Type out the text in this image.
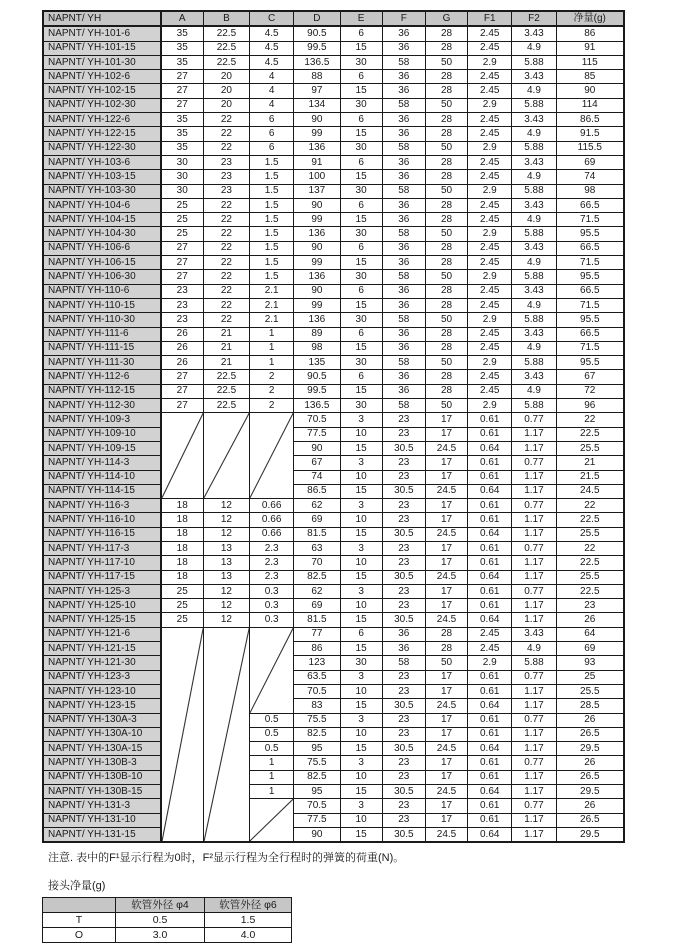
NAPNT/ YH	A	B	C	D	E	F	G	F1	F2	净量(g)
NAPNT/ YH-101-6	35	22.5	4.5	90.5	6	36	28	2.45	3.43	86
NAPNT/ YH-101-15	35	22.5	4.5	99.5	15	36	28	2.45	4.9	91
NAPNT/ YH-101-30	35	22.5	4.5	136.5	30	58	50	2.9	5.88	115
NAPNT/ YH-102-6	27	20	4	88	6	36	28	2.45	3.43	85
NAPNT/ YH-102-15	27	20	4	97	15	36	28	2.45	4.9	90
NAPNT/ YH-102-30	27	20	4	134	30	58	50	2.9	5.88	114
NAPNT/ YH-122-6	35	22	6	90	6	36	28	2.45	3.43	86.5
NAPNT/ YH-122-15	35	22	6	99	15	36	28	2.45	4.9	91.5
NAPNT/ YH-122-30	35	22	6	136	30	58	50	2.9	5.88	115.5
NAPNT/ YH-103-6	30	23	1.5	91	6	36	28	2.45	3.43	69
NAPNT/ YH-103-15	30	23	1.5	100	15	36	28	2.45	4.9	74
NAPNT/ YH-103-30	30	23	1.5	137	30	58	50	2.9	5.88	98
NAPNT/ YH-104-6	25	22	1.5	90	6	36	28	2.45	3.43	66.5
NAPNT/ YH-104-15	25	22	1.5	99	15	36	28	2.45	4.9	71.5
NAPNT/ YH-104-30	25	22	1.5	136	30	58	50	2.9	5.88	95.5
NAPNT/ YH-106-6	27	22	1.5	90	6	36	28	2.45	3.43	66.5
NAPNT/ YH-106-15	27	22	1.5	99	15	36	28	2.45	4.9	71.5
NAPNT/ YH-106-30	27	22	1.5	136	30	58	50	2.9	5.88	95.5
NAPNT/ YH-110-6	23	22	2.1	90	6	36	28	2.45	3.43	66.5
NAPNT/ YH-110-15	23	22	2.1	99	15	36	28	2.45	4.9	71.5
NAPNT/ YH-110-30	23	22	2.1	136	30	58	50	2.9	5.88	95.5
NAPNT/ YH-111-6	26	21	1	89	6	36	28	2.45	3.43	66.5
NAPNT/ YH-111-15	26	21	1	98	15	36	28	2.45	4.9	71.5
NAPNT/ YH-111-30	26	21	1	135	30	58	50	2.9	5.88	95.5
NAPNT/ YH-112-6	27	22.5	2	90.5	6	36	28	2.45	3.43	67
NAPNT/ YH-112-15	27	22.5	2	99.5	15	36	28	2.45	4.9	72
NAPNT/ YH-112-30	27	22.5	2	136.5	30	58	50	2.9	5.88	96
NAPNT/ YH-109-3				70.5	3	23	17	0.61	0.77	22
NAPNT/ YH-109-10				77.5	10	23	17	0.61	1.17	22.5
NAPNT/ YH-109-15				90	15	30.5	24.5	0.64	1.17	25.5
NAPNT/ YH-114-3				67	3	23	17	0.61	0.77	21
NAPNT/ YH-114-10				74	10	23	17	0.61	1.17	21.5
NAPNT/ YH-114-15				86.5	15	30.5	24.5	0.64	1.17	24.5
NAPNT/ YH-116-3	18	12	0.66	62	3	23	17	0.61	0.77	22
NAPNT/ YH-116-10	18	12	0.66	69	10	23	17	0.61	1.17	22.5
NAPNT/ YH-116-15	18	12	0.66	81.5	15	30.5	24.5	0.64	1.17	25.5
NAPNT/ YH-117-3	18	13	2.3	63	3	23	17	0.61	0.77	22
NAPNT/ YH-117-10	18	13	2.3	70	10	23	17	0.61	1.17	22.5
NAPNT/ YH-117-15	18	13	2.3	82.5	15	30.5	24.5	0.64	1.17	25.5
NAPNT/ YH-125-3	25	12	0.3	62	3	23	17	0.61	0.77	22.5
NAPNT/ YH-125-10	25	12	0.3	69	10	23	17	0.61	1.17	23
NAPNT/ YH-125-15	25	12	0.3	81.5	15	30.5	24.5	0.64	1.17	26
NAPNT/ YH-121-6				77	6	36	28	2.45	3.43	64
NAPNT/ YH-121-15				86	15	36	28	2.45	4.9	69
NAPNT/ YH-121-30				123	30	58	50	2.9	5.88	93
NAPNT/ YH-123-3				63.5	3	23	17	0.61	0.77	25
NAPNT/ YH-123-10				70.5	10	23	17	0.61	1.17	25.5
NAPNT/ YH-123-15				83	15	30.5	24.5	0.64	1.17	28.5
NAPNT/ YH-130A-3			0.5	75.5	3	23	17	0.61	0.77	26
NAPNT/ YH-130A-10			0.5	82.5	10	23	17	0.61	1.17	26.5
NAPNT/ YH-130A-15			0.5	95	15	30.5	24.5	0.64	1.17	29.5
NAPNT/ YH-130B-3			1	75.5	3	23	17	0.61	0.77	26
NAPNT/ YH-130B-10			1	82.5	10	23	17	0.61	1.17	26.5
NAPNT/ YH-130B-15			1	95	15	30.5	24.5	0.64	1.17	29.5
NAPNT/ YH-131-3				70.5	3	23	17	0.61	0.77	26
NAPNT/ YH-131-10				77.5	10	23	17	0.61	1.17	26.5
NAPNT/ YH-131-15				90	15	30.5	24.5	0.64	1.17	29.5

注意. 表中的F¹显示行程为0时，F²显示行程为全行程时的弹簧的荷重(N)。

接头净量(g)

	软管外径 φ4	软管外径 φ6
T	0.5	1.5
O	3.0	4.0
